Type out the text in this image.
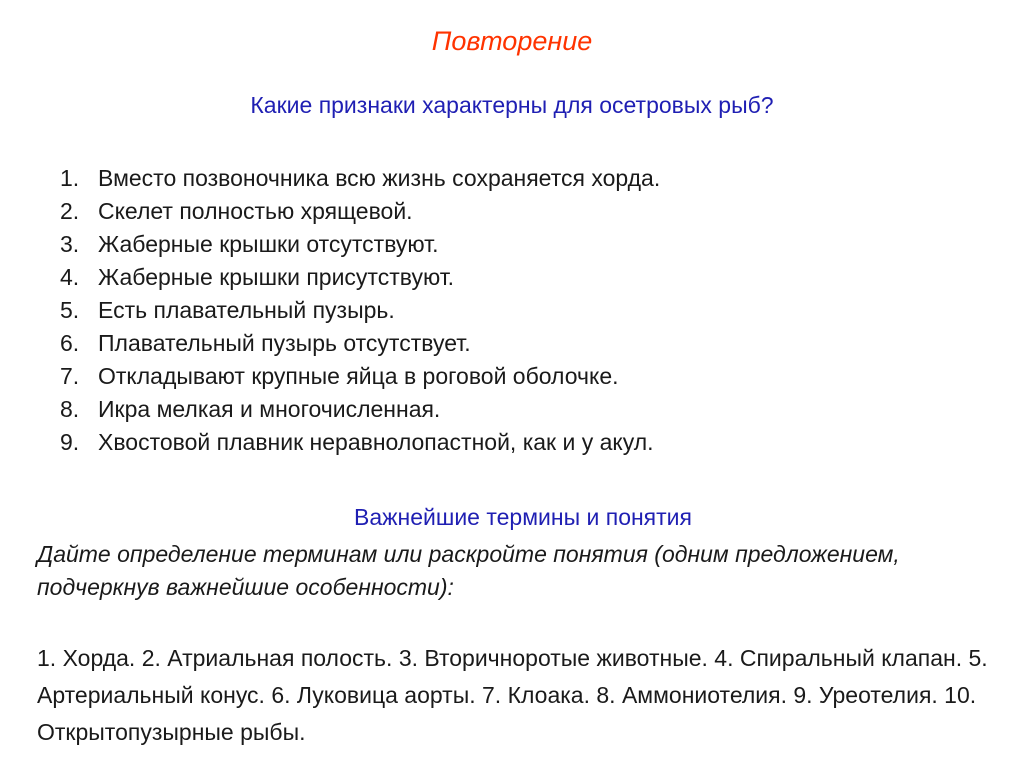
Повторение
Какие признаки характерны для осетровых рыб?
1. Вместо позвоночника всю жизнь сохраняется хорда.
2. Скелет полностью хрящевой.
3. Жаберные крышки отсутствуют.
4. Жаберные крышки присутствуют.
5. Есть плавательный пузырь.
6. Плавательный пузырь отсутствует.
7. Откладывают крупные яйца в роговой оболочке.
8. Икра мелкая и многочисленная.
9. Хвостовой плавник неравнолопастной, как и у акул.
Важнейшие термины и понятия
Дайте определение терминам или раскройте понятия (одним предложением, подчеркнув важнейшие особенности):
1. Хорда. 2. Атриальная полость. 3. Вторичноротые животные. 4. Спиральный клапан. 5. Артериальный конус. 6. Луковица аорты. 7. Клоака. 8. Аммониотелия. 9. Уреотелия. 10. Открытопузырные рыбы.
